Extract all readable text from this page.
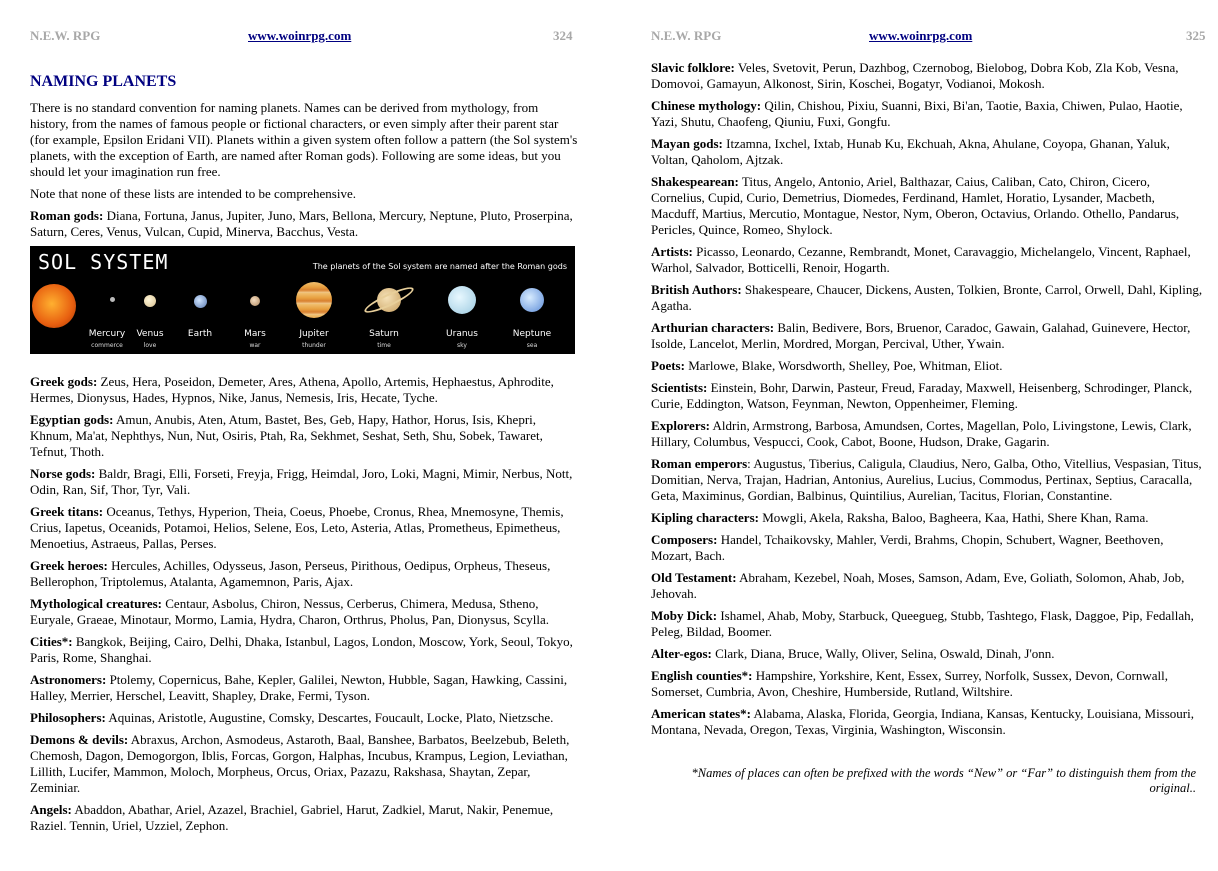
N.E.W. RPG	www.woinrpg.com	324
NAMING PLANETS

There is no standard convention for naming planets. Names can be derived from mythology, from history, from the names of famous people or fictional characters, or even simply after their parent star (for example, Epsilon Eridani VII). Planets within a given system often follow a pattern (the Sol system's planets, with the exception of Earth, are named after Roman gods). Following are some ideas, but you should let your imagination run free.

Note that none of these lists are intended to be comprehensive.

Roman gods: Diana, Fortuna, Janus, Jupiter, Juno, Mars, Bellona, Mercury, Neptune, Pluto, Proserpina, Saturn, Ceres, Venus, Vulcan, Cupid, Minerva, Bacchus, Vesta.
SOL SYSTEM	The planets of the Sol system are named after the Roman gods
Mercury
commerce
Venus
love
Earth	Mars
war
Jupiter
thunder
Saturn
time
Uranus
sky
Neptune
sea
Greek gods: Zeus, Hera, Poseidon, Demeter, Ares, Athena, Apollo, Artemis, Hephaestus, Aphrodite, Hermes, Dionysus, Hades, Hypnos, Nike, Janus, Nemesis, Iris, Hecate, Tyche.
Egyptian gods: Amun, Anubis, Aten, Atum, Bastet, Bes, Geb, Hapy, Hathor, Horus, Isis, Khepri, Khnum, Ma'at, Nephthys, Nun, Nut, Osiris, Ptah, Ra, Sekhmet, Seshat, Seth, Shu, Sobek, Tawaret, Tefnut, Thoth.
Norse gods: Baldr, Bragi, Elli, Forseti, Freyja, Frigg, Heimdal, Joro, Loki, Magni, Mimir, Nerbus, Nott, Odin, Ran, Sif, Thor, Tyr, Vali.
Greek titans: Oceanus, Tethys, Hyperion, Theia, Coeus, Phoebe, Cronus, Rhea, Mnemosyne, Themis, Crius, Iapetus, Oceanids, Potamoi, Helios, Selene, Eos, Leto, Asteria, Atlas, Prometheus, Epimetheus, Menoetius, Astraeus, Pallas, Perses.
Greek heroes: Hercules, Achilles, Odysseus, Jason, Perseus, Pirithous, Oedipus, Orpheus, Theseus, Bellerophon, Triptolemus, Atalanta, Agamemnon, Paris, Ajax.
Mythological creatures: Centaur, Asbolus, Chiron, Nessus, Cerberus, Chimera, Medusa, Stheno, Euryale, Graeae, Minotaur, Mormo, Lamia, Hydra, Charon, Orthrus, Pholus, Pan, Dionysus, Scylla.
Cities*: Bangkok, Beijing, Cairo, Delhi, Dhaka, Istanbul, Lagos, London, Moscow, York, Seoul, Tokyo, Paris, Rome, Shanghai.
Astronomers: Ptolemy, Copernicus, Bahe, Kepler, Galilei, Newton, Hubble, Sagan, Hawking, Cassini, Halley, Merrier, Herschel, Leavitt, Shapley, Drake, Fermi, Tyson.
Philosophers: Aquinas, Aristotle, Augustine, Comsky, Descartes, Foucault, Locke, Plato, Nietzsche.
Demons & devils: Abraxus, Archon, Asmodeus, Astaroth, Baal, Banshee, Barbatos, Beelzebub, Beleth, Chemosh, Dagon, Demogorgon, Iblis, Forcas, Gorgon, Halphas, Incubus, Krampus, Legion, Leviathan, Lillith, Lucifer, Mammon, Moloch, Morpheus, Orcus, Oriax, Pazazu, Rakshasa, Shaytan, Zepar, Zeminiar.
Angels: Abaddon, Abathar, Ariel, Azazel, Brachiel, Gabriel, Harut, Zadkiel, Marut, Nakir, Penemue, Raziel. Tennin, Uriel, Uzziel, Zephon.
N.E.W. RPG	www.woinrpg.com	325
Slavic folklore: Veles, Svetovit, Perun, Dazhbog, Czernobog, Bielobog, Dobra Kob, Zla Kob, Vesna, Domovoi, Gamayun, Alkonost, Sirin, Koschei, Bogatyr, Vodianoi, Mokosh.
Chinese mythology: Qilin, Chishou, Pixiu, Suanni, Bixi, Bi'an, Taotie, Baxia, Chiwen, Pulao, Haotie, Yazi, Shutu, Chaofeng, Qiuniu, Fuxi, Gongfu.
Mayan gods: Itzamna, Ixchel, Ixtab, Hunab Ku, Ekchuah, Akna, Ahulane, Coyopa, Ghanan, Yaluk, Voltan, Qaholom, Ajtzak.
Shakespearean: Titus, Angelo, Antonio, Ariel, Balthazar, Caius, Caliban, Cato, Chiron, Cicero, Cornelius, Cupid, Curio, Demetrius, Diomedes, Ferdinand, Hamlet, Horatio, Lysander, Macbeth, Macduff, Martius, Mercutio, Montague, Nestor, Nym, Oberon, Octavius, Orlando. Othello, Pandarus, Pericles, Quince, Romeo, Shylock.
Artists: Picasso, Leonardo, Cezanne, Rembrandt, Monet, Caravaggio, Michelangelo, Vincent, Raphael, Warhol, Salvador, Botticelli, Renoir, Hogarth.
British Authors: Shakespeare, Chaucer, Dickens, Austen, Tolkien, Bronte, Carrol, Orwell, Dahl, Kipling, Agatha.
Arthurian characters: Balin, Bedivere, Bors, Bruenor, Caradoc, Gawain, Galahad, Guinevere, Hector, Isolde, Lancelot, Merlin, Mordred, Morgan, Percival, Uther, Ywain.
Poets: Marlowe, Blake, Worsdworth, Shelley, Poe, Whitman, Eliot.
Scientists: Einstein, Bohr, Darwin, Pasteur, Freud, Faraday, Maxwell, Heisenberg, Schrodinger, Planck, Curie, Eddington, Watson, Feynman, Newton, Oppenheimer, Fleming.
Explorers: Aldrin, Armstrong, Barbosa, Amundsen, Cortes, Magellan, Polo, Livingstone, Lewis, Clark, Hillary, Columbus, Vespucci, Cook, Cabot, Boone, Hudson, Drake, Gagarin.
Roman emperors: Augustus, Tiberius, Caligula, Claudius, Nero, Galba, Otho, Vitellius, Vespasian, Titus, Domitian, Nerva, Trajan, Hadrian, Antonius, Aurelius, Lucius, Commodus, Pertinax, Septius, Caracalla, Geta, Maximinus, Gordian, Balbinus, Quintilius, Aurelian, Tacitus, Florian, Constantine.
Kipling characters: Mowgli, Akela, Raksha, Baloo, Bagheera, Kaa, Hathi, Shere Khan, Rama.
Composers: Handel, Tchaikovsky, Mahler, Verdi, Brahms, Chopin, Schubert, Wagner, Beethoven, Mozart, Bach.
Old Testament: Abraham, Kezebel, Noah, Moses, Samson, Adam, Eve, Goliath, Solomon, Ahab, Job, Jehovah.
Moby Dick: Ishamel, Ahab, Moby, Starbuck, Queegueg, Stubb, Tashtego, Flask, Daggoe, Pip, Fedallah, Peleg, Bildad, Boomer.
Alter-egos: Clark, Diana, Bruce, Wally, Oliver, Selina, Oswald, Dinah, J'onn.
English counties*: Hampshire, Yorkshire, Kent, Essex, Surrey, Norfolk, Sussex, Devon, Cornwall, Somerset, Cumbria, Avon, Cheshire, Humberside, Rutland, Wiltshire.
American states*: Alabama, Alaska, Florida, Georgia, Indiana, Kansas, Kentucky, Louisiana, Missouri, Montana, Nevada, Oregon, Texas, Virginia, Washington, Wisconsin.
*Names of places can often be prefixed with the words “New” or “Far” to distinguish them from the original..
